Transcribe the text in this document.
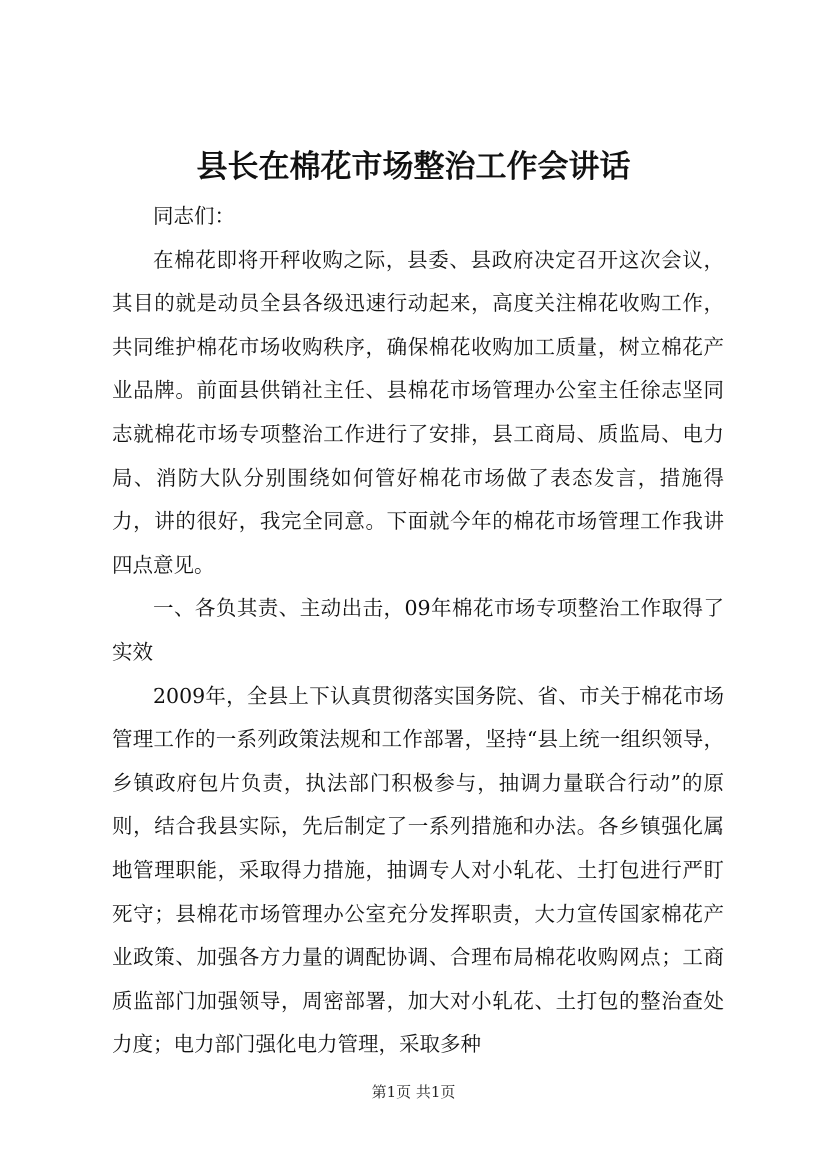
县长在棉花市场整治工作会讲话

同志们：

在棉花即将开秤收购之际，县委、县政府决定召开这次会议，其目的就是动员全县各级迅速行动起来，高度关注棉花收购工作，共同维护棉花市场收购秩序，确保棉花收购加工质量，树立棉花产业品牌。前面县供销社主任、县棉花市场管理办公室主任徐志坚同志就棉花市场专项整治工作进行了安排，县工商局、质监局、电力局、消防大队分别围绕如何管好棉花市场做了表态发言，措施得力，讲的很好，我完全同意。下面就今年的棉花市场管理工作我讲四点意见。

一、各负其责、主动出击，09年棉花市场专项整治工作取得了实效

2009年，全县上下认真贯彻落实国务院、省、市关于棉花市场管理工作的一系列政策法规和工作部署，坚持“县上统一组织领导，乡镇政府包片负责，执法部门积极参与，抽调力量联合行动”的原则，结合我县实际，先后制定了一系列措施和办法。各乡镇强化属地管理职能，采取得力措施，抽调专人对小轧花、土打包进行严盯死守；县棉花市场管理办公室充分发挥职责，大力宣传国家棉花产业政策、加强各方力量的调配协调、合理布局棉花收购网点；工商质监部门加强领导，周密部署，加大对小轧花、土打包的整治查处力度；电力部门强化电力管理，采取多种

第1页 共1页
